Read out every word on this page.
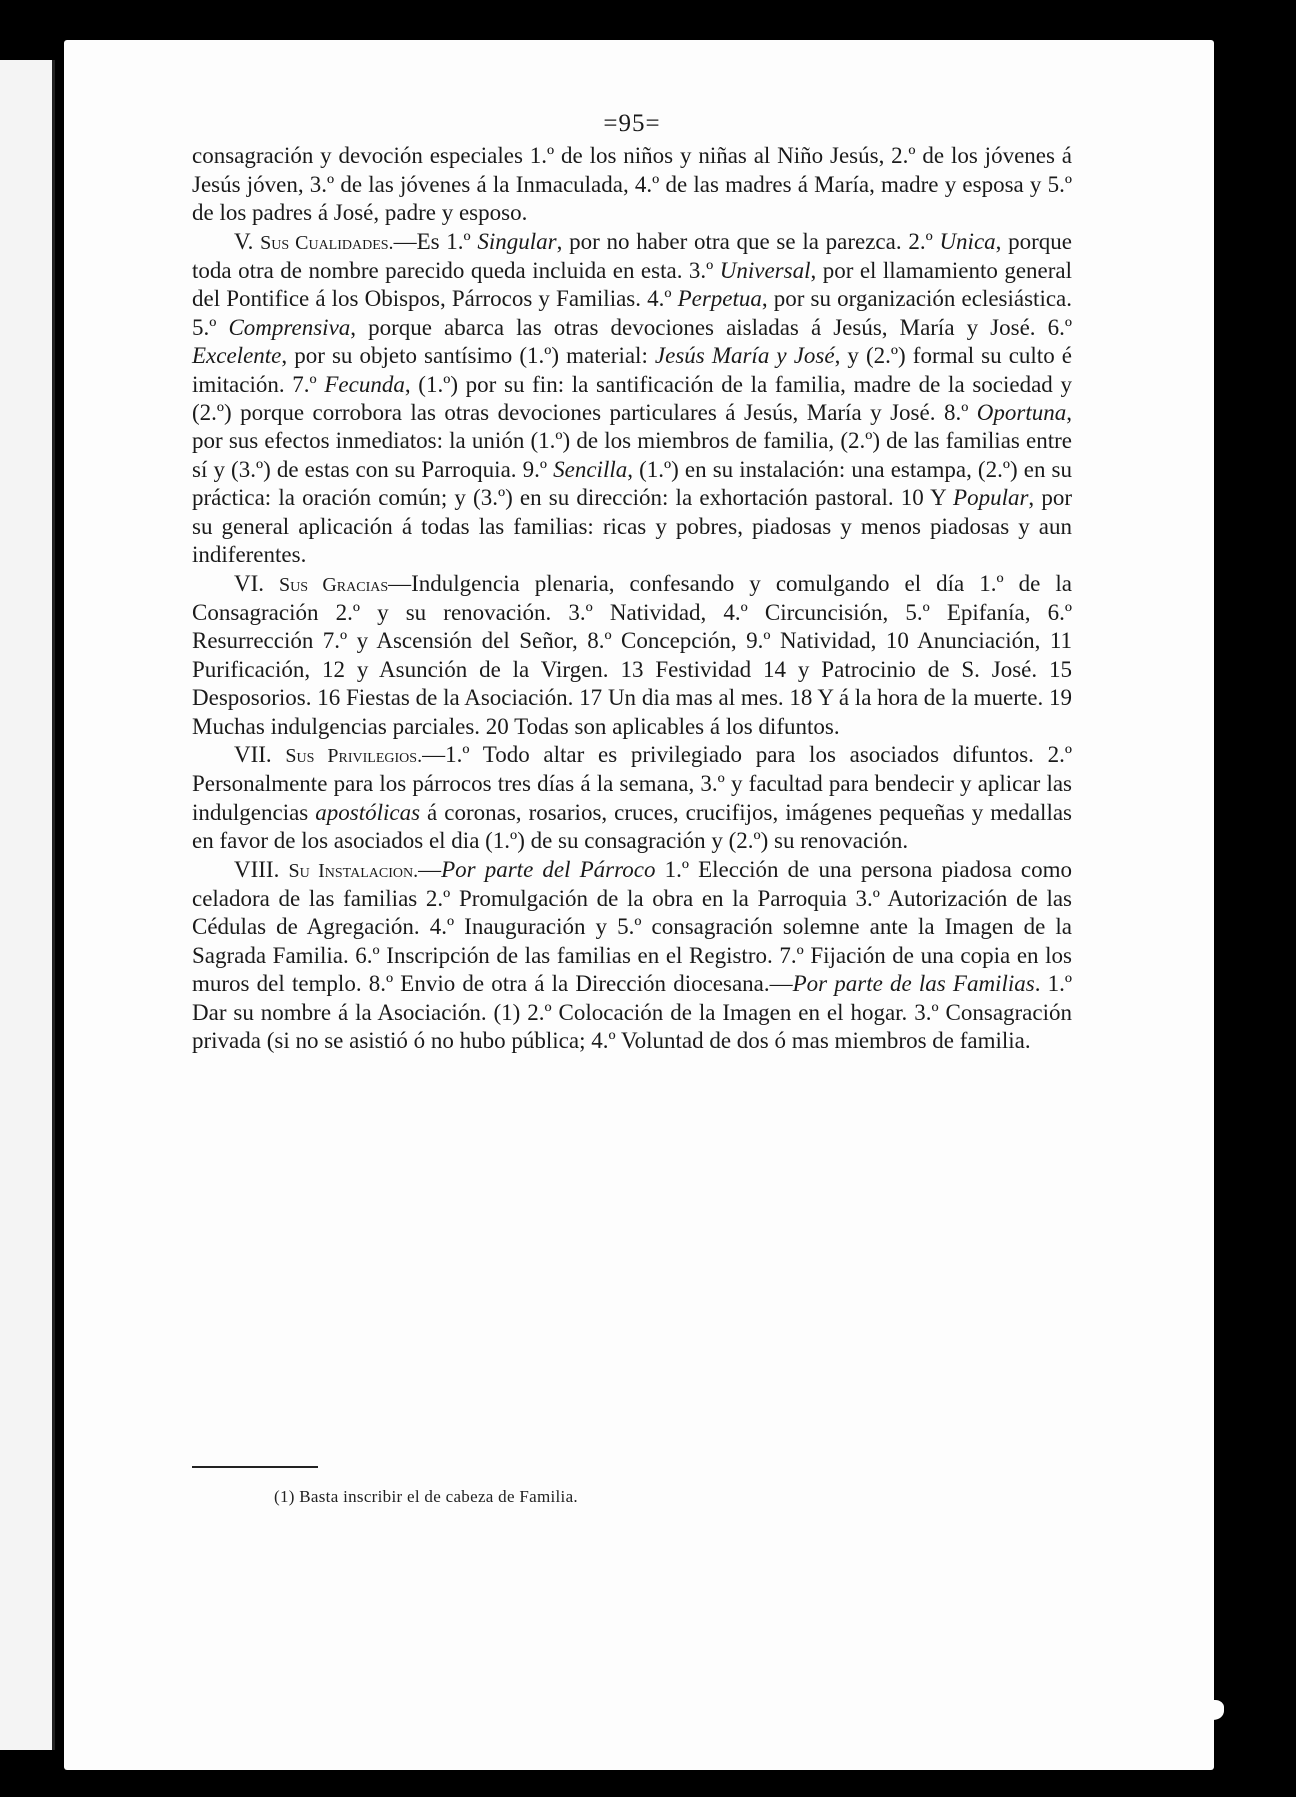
=95=

consagración y devoción especiales 1.º de los niños y niñas al Niño Jesús, 2.º de los jóvenes á Jesús jóven, 3.º de las jóvenes á la Inmaculada, 4.º de las madres á María, madre y esposa y 5.º de los padres á José, padre y esposo.

V. Sus Cualidades.—Es 1.º Singular, por no haber otra que se la parezca. 2.º Unica, porque toda otra de nombre parecido queda incluida en esta. 3.º Universal, por el llamamiento general del Pontifice á los Obispos, Párrocos y Familias. 4.º Perpetua, por su organización eclesiástica. 5.º Comprensiva, porque abarca las otras devociones aisladas á Jesús, María y José. 6.º Excelente, por su objeto santísimo (1.º) material: Jesús María y José, y (2.º) formal su culto é imitación. 7.º Fecunda, (1.º) por su fin: la santificación de la familia, madre de la sociedad y (2.º) porque corrobora las otras devociones particulares á Jesús, María y José. 8.º Oportuna, por sus efectos inmediatos: la unión (1.º) de los miembros de familia, (2.º) de las familias entre sí y (3.º) de estas con su Parroquia. 9.º Sencilla, (1.º) en su instalación: una estampa, (2.º) en su práctica: la oración común; y (3.º) en su dirección: la exhortación pastoral. 10 Y Popular, por su general aplicación á todas las familias: ricas y pobres, piadosas y menos piadosas y aun indiferentes.

VI. Sus Gracias—Indulgencia plenaria, confesando y comulgando el día 1.º de la Consagración 2.º y su renovación. 3.º Natividad, 4.º Circuncisión, 5.º Epifanía, 6.º Resurrección 7.º y Ascensión del Señor, 8.º Concepción, 9.º Natividad, 10 Anunciación, 11 Purificación, 12 y Asunción de la Virgen. 13 Festividad 14 y Patrocinio de S. José. 15 Desposorios. 16 Fiestas de la Asociación. 17 Un dia mas al mes. 18 Y á la hora de la muerte. 19 Muchas indulgencias parciales. 20 Todas son aplicables á los difuntos.

VII. Sus Privilegios.—1.º Todo altar es privilegiado para los asociados difuntos. 2.º Personalmente para los párrocos tres días á la semana, 3.º y facultad para bendecir y aplicar las indulgencias apostólicas á coronas, rosarios, cruces, crucifijos, imágenes pequeñas y medallas en favor de los asociados el dia (1.º) de su consagración y (2.º) su renovación.

VIII. Su Instalacion.—Por parte del Párroco 1.º Elección de una persona piadosa como celadora de las familias 2.º Promulgación de la obra en la Parroquia 3.º Autorización de las Cédulas de Agregación. 4.º Inauguración y 5.º consagración solemne ante la Imagen de la Sagrada Familia. 6.º Inscripción de las familias en el Registro. 7.º Fijación de una copia en los muros del templo. 8.º Envio de otra á la Dirección diocesana.—Por parte de las Familias. 1.º Dar su nombre á la Asociación. (1) 2.º Colocación de la Imagen en el hogar. 3.º Consagración privada (si no se asistió ó no hubo pública; 4.º Voluntad de dos ó mas miembros de familia.

(1) Basta inscribir el de cabeza de Familia.
